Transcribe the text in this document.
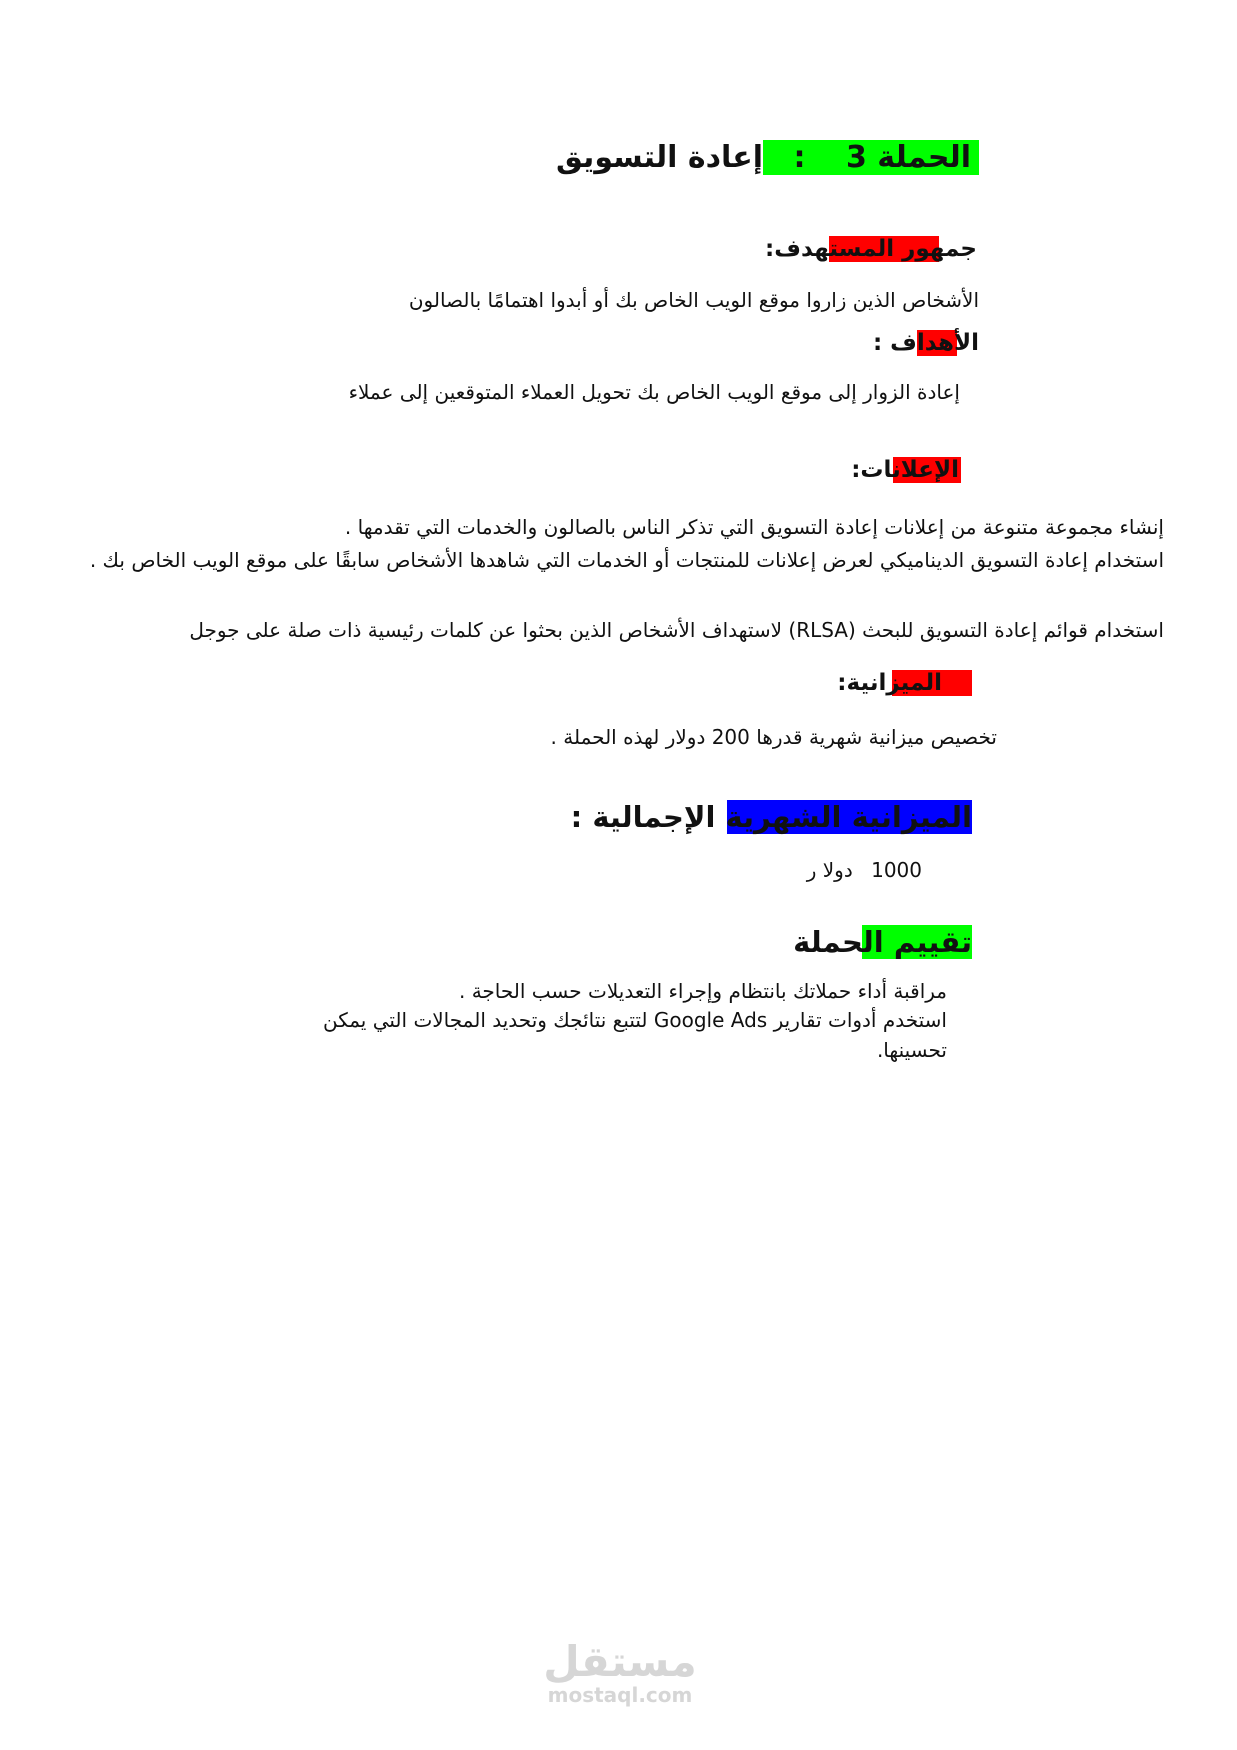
الحملة 3 : إعادة التسويق
جمهور المستهدف:
الأشخاص الذين زاروا موقع الويب الخاص بك أو أبدوا اهتمامًا بالصالون
الأهداف :
إعادة الزوار إلى موقع الويب الخاص بك تحويل العملاء المتوقعين إلى عملاء
الإعلانات:
إنشاء مجموعة متنوعة من إعلانات إعادة التسويق التي تذكر الناس بالصالون والخدمات التي تقدمها .
استخدام إعادة التسويق الديناميكي لعرض إعلانات للمنتجات أو الخدمات التي شاهدها الأشخاص سابقًا على موقع الويب الخاص بك .
استخدام قوائم إعادة التسويق للبحث (RLSA) لاستهداف الأشخاص الذين بحثوا عن كلمات رئيسية ذات صلة على جوجل
الميزانية:
تخصيص ميزانية شهرية قدرها 200 دولار لهذه الحملة .
الميزانية الشهرية الإجمالية :
1000 دولا ر
تقييم الحملة
مراقبة أداء حملاتك بانتظام وإجراء التعديلات حسب الحاجة .
استخدم أدوات تقارير Google Ads لتتبع نتائجك وتحديد المجالات التي يمكن تحسينها.
مستقل
mostaql.com
